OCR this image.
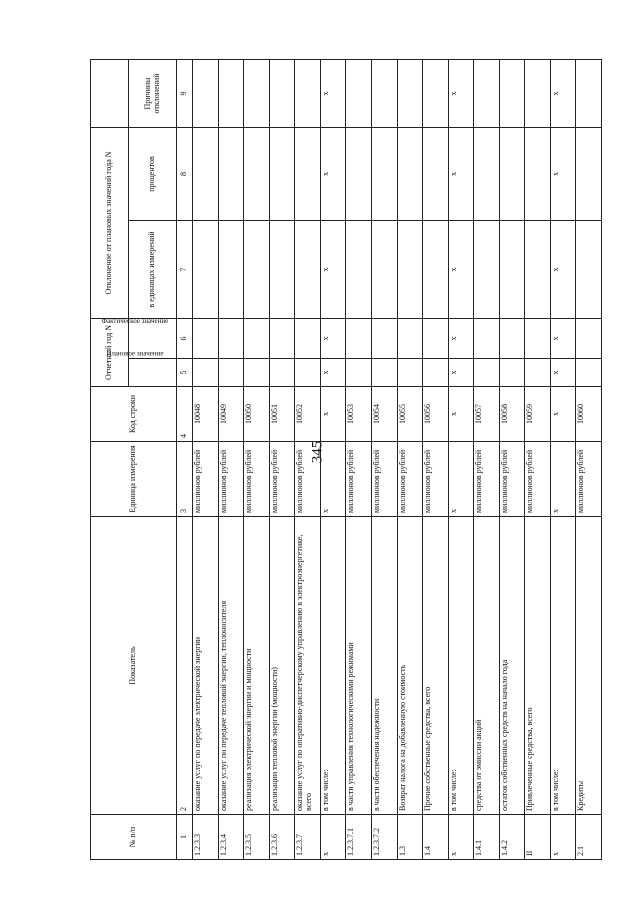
345
№ п/п	Показатель	Единица измерения	Код строки	Отчетный год N		Отклонение от плановых значений года N		
				Плановое значение	Фактическое значение	в единицах измерений	процентов	Причины отклонений
1	2	3	4	5	6	7	8	9
1.2.3.3	оказание услуг по передаче электрической энергии	миллионов рублей	10048					
1.2.3.4	оказание услуг по передаче тепловой энергии, теплоносителя	миллионов рублей	10049					
1.2.3.5	реализация электрической энергии и мощности	миллионов рублей	10050					
1.2.3.6	реализации тепловой энергии (мощности)	миллионов рублей	10051					
1.2.3.7	оказание услуг по оперативно-диспетчерскому управлению в электроэнергетике, всего	миллионов рублей	10052					
x	в том числе:	x	x	x	x	x	x	x
1.2.3.7.1	в части управления технологическими режимами	миллионов рублей	10053					
1.2.3.7.2	в части обеспечения надежности	миллионов рублей	10054					
1.3	Возврат налога на добавленную стоимость	миллионов рублей	10055					
1.4	Прочие собственные средства, всего	миллионов рублей	10056					
x	в том числе:	x	x	x	x	x	x	x
1.4.1	средства от эмиссии акций	миллионов рублей	10057					
1.4.2	остаток собственных средств на начало года	миллионов рублей	10058					
II	Привлеченные средства, всего	миллионов рублей	10059					
x	в том числе:	x	x	x	x	x	x	x
2.1	Кредиты	миллионов рублей	10060					
